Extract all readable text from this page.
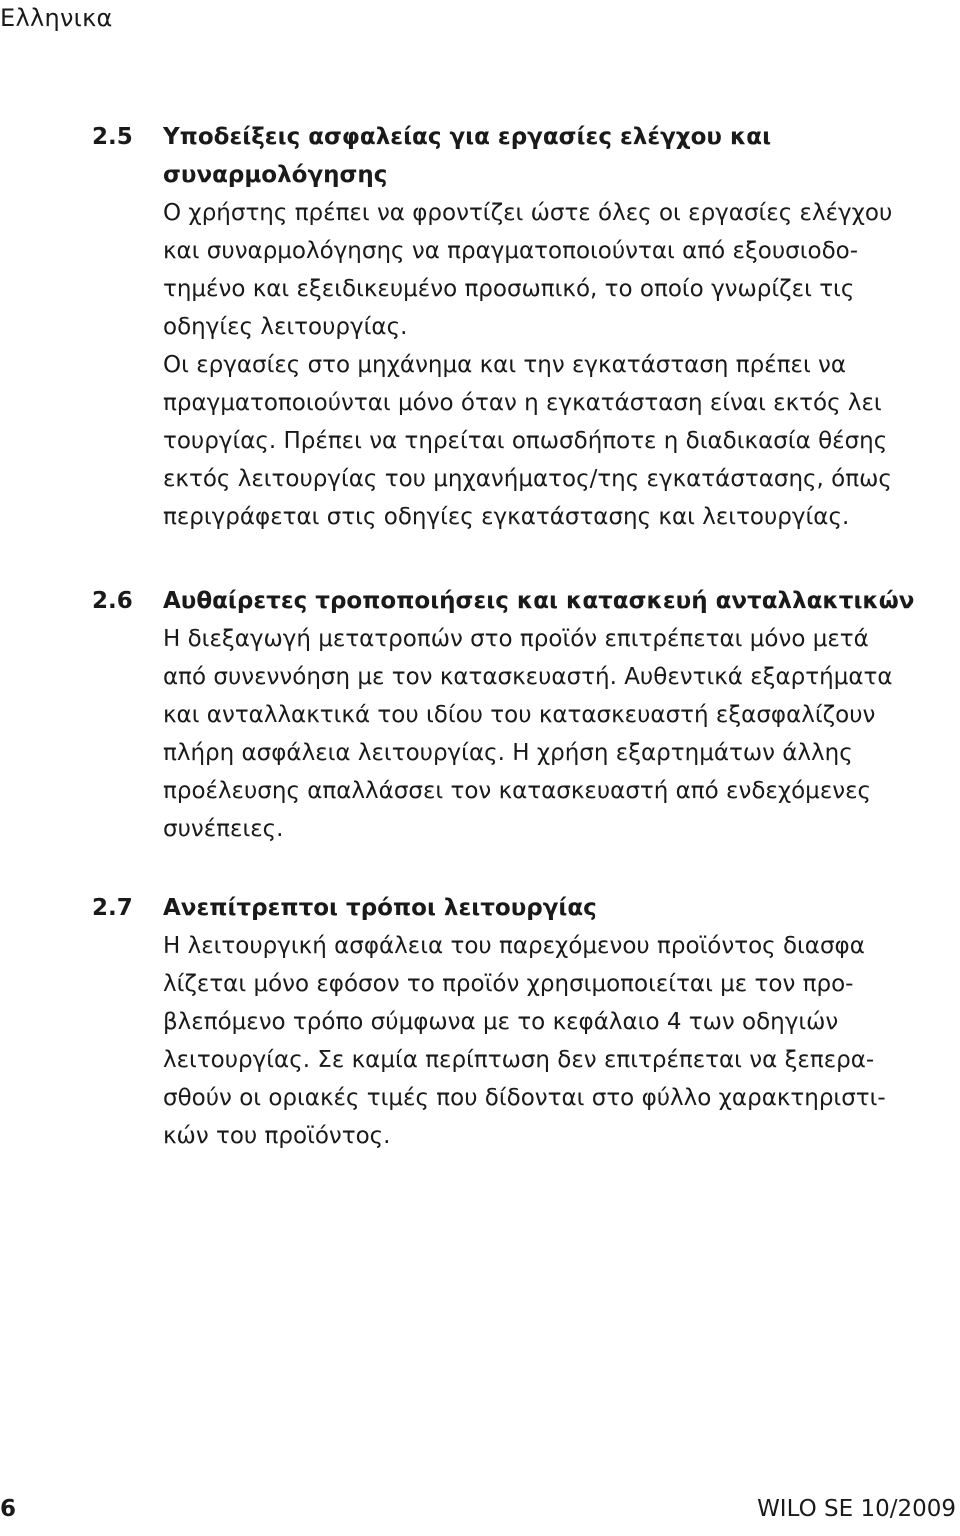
Ελληνικα
2.5 Υποδείξεις ασφαλείας για εργασίες ελέγχου και

συναρμολόγησης

Ο χρήστης πρέπει να φροντίζει ώστε όλες οι εργασίες ελέγχου

και συναρμολόγησης να πραγματοποιούνται από εξουσιοδο-

τημένο και εξειδικευμένο προσωπικό, το οποίο γνωρίζει τις

οδηγίες λειτουργίας.

Οι εργασίες στο μηχάνημα και την εγκατάσταση πρέπει να

πραγματοποιούνται μόνο όταν η εγκατάσταση είναι εκτός λει

τουργίας. Πρέπει να τηρείται οπωσδήποτε η διαδικασία θέσης

εκτός λειτουργίας του μηχανήματος/της εγκατάστασης, όπως

περιγράφεται στις οδηγίες εγκατάστασης και λειτουργίας.

2.6 Αυθαίρετες τροποποιήσεις και κατασκευή ανταλλακτικών

Η διεξαγωγή μετατροπών στο προϊόν επιτρέπεται μόνο μετά

από συνεννόηση με τον κατασκευαστή. Αυθεντικά εξαρτήματα

και ανταλλακτικά του ιδίου του κατασκευαστή εξασφαλίζουν

πλήρη ασφάλεια λειτουργίας. Η χρήση εξαρτημάτων άλλης

προέλευσης απαλλάσσει τον κατασκευαστή από ενδεχόμενες

συνέπειες.

2.7 Ανεπίτρεπτοι τρόποι λειτουργίας

Η λειτουργική ασφάλεια του παρεχόμενου προϊόντος διασφα

λίζεται μόνο εφόσον το προϊόν χρησιμοποιείται με τον προ-

βλεπόμενο τρόπο σύμφωνα με το κεφάλαιο 4 των οδηγιών

λειτουργίας. Σε καμία περίπτωση δεν επιτρέπεται να ξεπερα-

σθούν οι οριακές τιμές που δίδονται στο φύλλο χαρακτηριστι-

κών του προϊόντος.

6	WILO SE 10/2009
